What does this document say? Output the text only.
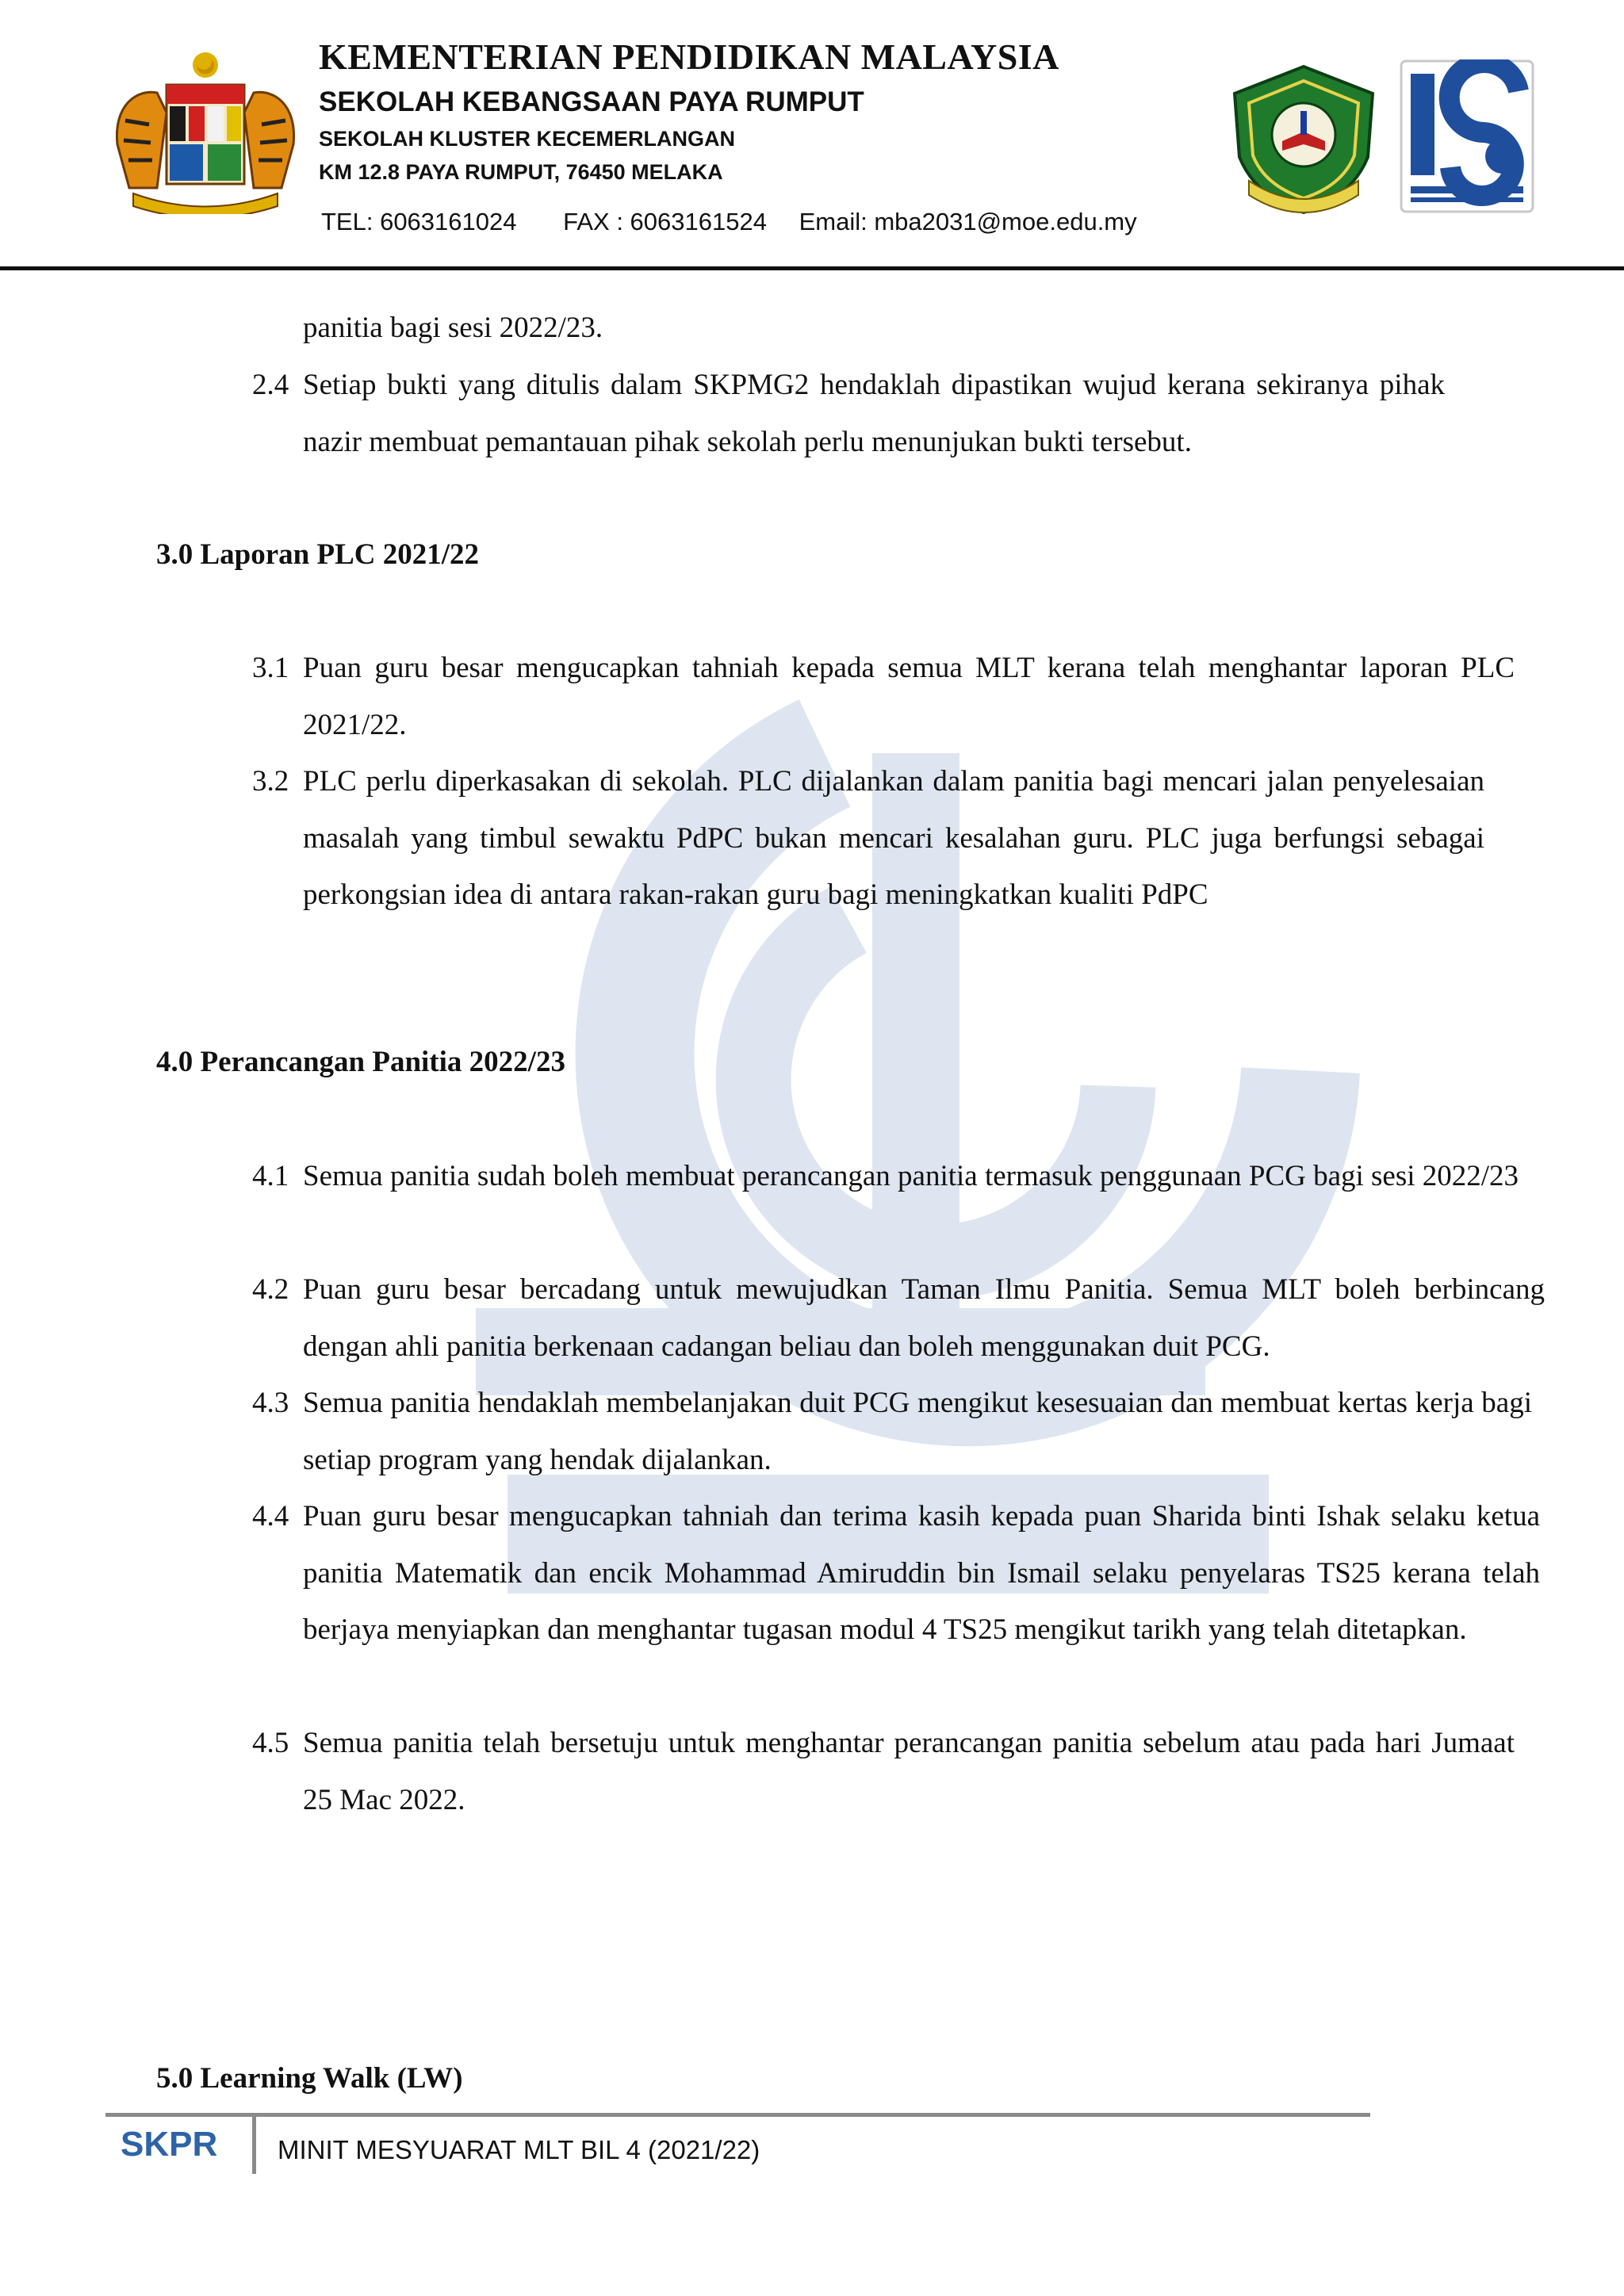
KEMENTERIAN PENDIDIKAN MALAYSIA
SEKOLAH KEBANGSAAN PAYA RUMPUT
SEKOLAH KLUSTER KECEMERLANGAN
KM 12.8 PAYA RUMPUT, 76450 MELAKA
TEL: 6063161024 FAX : 6063161524 Email: mba2031@moe.edu.my
panitia bagi sesi 2022/23.
2.4 Setiap bukti yang ditulis dalam SKPMG2 hendaklah dipastikan wujud kerana sekiranya pihak nazir membuat pemantauan pihak sekolah perlu menunjukan bukti tersebut.
3.0 Laporan PLC 2021/22
3.1 Puan guru besar mengucapkan tahniah kepada semua MLT kerana telah menghantar laporan PLC 2021/22.
3.2 PLC perlu diperkasakan di sekolah. PLC dijalankan dalam panitia bagi mencari jalan penyelesaian masalah yang timbul sewaktu PdPC bukan mencari kesalahan guru. PLC juga berfungsi sebagai perkongsian idea di antara rakan-rakan guru bagi meningkatkan kualiti PdPC
4.0 Perancangan Panitia 2022/23
4.1 Semua panitia sudah boleh membuat perancangan panitia termasuk penggunaan PCG bagi sesi 2022/23
4.2 Puan guru besar bercadang untuk mewujudkan Taman Ilmu Panitia. Semua MLT boleh berbincang dengan ahli panitia berkenaan cadangan beliau dan boleh menggunakan duit PCG.
4.3 Semua panitia hendaklah membelanjakan duit PCG mengikut kesesuaian dan membuat kertas kerja bagi setiap program yang hendak dijalankan.
4.4 Puan guru besar mengucapkan tahniah dan terima kasih kepada puan Sharida binti Ishak selaku ketua panitia Matematik dan encik Mohammad Amiruddin bin Ismail selaku penyelaras TS25 kerana telah berjaya menyiapkan dan menghantar tugasan modul 4 TS25 mengikut tarikh yang telah ditetapkan.
4.5 Semua panitia telah bersetuju untuk menghantar perancangan panitia sebelum atau pada hari Jumaat 25 Mac 2022.
5.0 Learning Walk (LW)
SKPR MINIT MESYUARAT MLT BIL 4 (2021/22)
